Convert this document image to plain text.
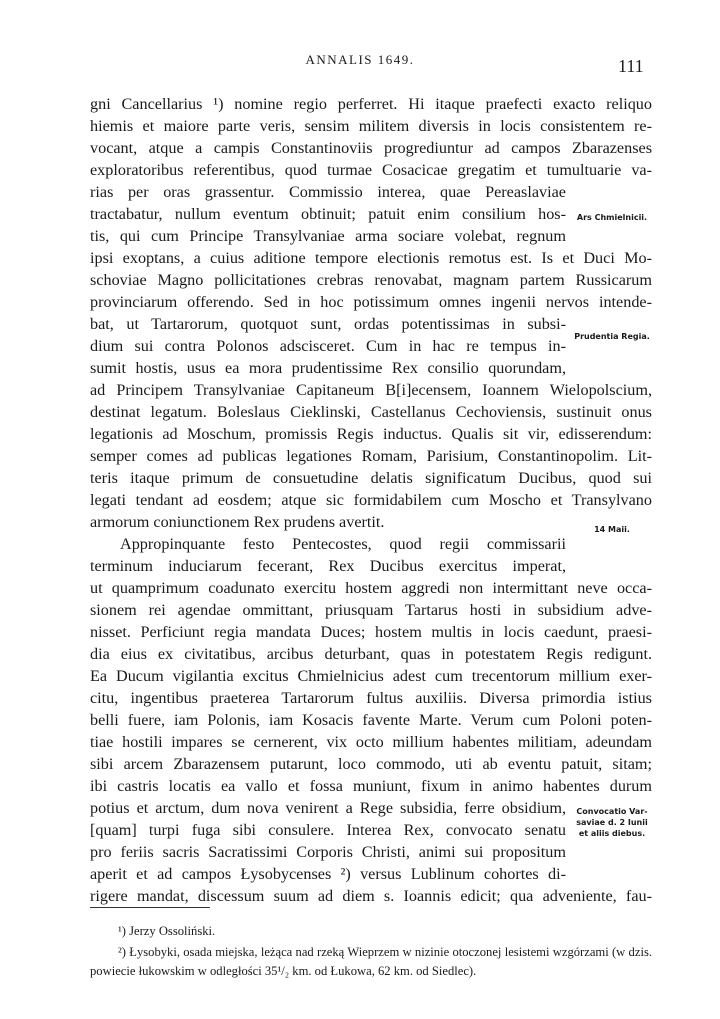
ANNALIS 1649.	111
gni Cancellarius ¹) nomine regio perferret. Hi itaque praefecti exacto reliquo
hiemis et maiore parte veris, sensim militem diversis in locis consistentem re-
vocant, atque a campis Constantinoviis progrediuntur ad campos Zbarazenses
exploratoribus referentibus, quod turmae Cosacicae gregatim et tumultuarie va-
rias per oras grassentur. Commissio interea, quae Pereaslaviae
tractabatur, nullum eventum obtinuit; patuit enim consilium hos-
tis, qui cum Principe Transylvaniae arma sociare volebat, regnum
ipsi exoptans, a cuius aditione tempore electionis remotus est. Is et Duci Mo-
schoviae Magno pollicitationes crebras renovabat, magnam partem Russicarum
provinciarum offerendo. Sed in hoc potissimum omnes ingenii nervos intende-
bat, ut Tartarorum, quotquot sunt, ordas potentissimas in subsi-
dium sui contra Polonos adscisceret. Cum in hac re tempus in-
sumit hostis, usus ea mora prudentissime Rex consilio quorundam,
ad Principem Transylvaniae Capitaneum B[i]ecensem, Ioannem Wielopolscium,
destinat legatum. Boleslaus Cieklinski, Castellanus Cechoviensis, sustinuit onus
legationis ad Moschum, promissis Regis inductus. Qualis sit vir, edisserendum:
semper comes ad publicas legationes Romam, Parisium, Constantinopolim. Lit-
teris itaque primum de consuetudine delatis significatum Ducibus, quod sui
legati tendant ad eosdem; atque sic formidabilem cum Moscho et Transylvano
armorum coniunctionem Rex prudens avertit.
Appropinquante festo Pentecostes, quod regii commissarii
terminum induciarum fecerant, Rex Ducibus exercitus imperat,
ut quamprimum coadunato exercitu hostem aggredi non intermittant neve occa-
sionem rei agendae ommittant, priusquam Tartarus hosti in subsidium adve-
nisset. Perficiunt regia mandata Duces; hostem multis in locis caedunt, praesi-
dia eius ex civitatibus, arcibus deturbant, quas in potestatem Regis redigunt.
Ea Ducum vigilantia excitus Chmielnicius adest cum trecentorum millium exer-
citu, ingentibus praeterea Tartarorum fultus auxiliis. Diversa primordia istius
belli fuere, iam Polonis, iam Kosacis favente Marte. Verum cum Poloni poten-
tiae hostili impares se cernerent, vix octo millium habentes militiam, adeundam
sibi arcem Zbarazensem putarunt, loco commodo, uti ab eventu patuit, sitam;
ibi castris locatis ea vallo et fossa muniunt, fixum in animo habentes durum
potius et arctum, dum nova venirent a Rege subsidia, ferre obsidium,
[quam] turpi fuga sibi consulere. Interea Rex, convocato senatu
pro feriis sacris Sacratissimi Corporis Christi, animi sui propositum
aperit et ad campos Łysobycenses ²) versus Lublinum cohortes di-
rigere mandat, discessum suum ad diem s. Ioannis edicit; qua adveniente, fau-
Ars Chmielnicii.
Prudentia Regia.
14 Maii.
Convocatio Var-
saviae d. 2 Iunii
et aliis diebus.
¹) Jerzy Ossoliński.
²) Łysobyki, osada miejska, leżąca nad rzeką Wieprzem w nizinie otoczonej lesistemi wzgórzami (w dzis. powiecie łukowskim w odległości 35¹/₂ km. od Łukowa, 62 km. od Siedlec).
